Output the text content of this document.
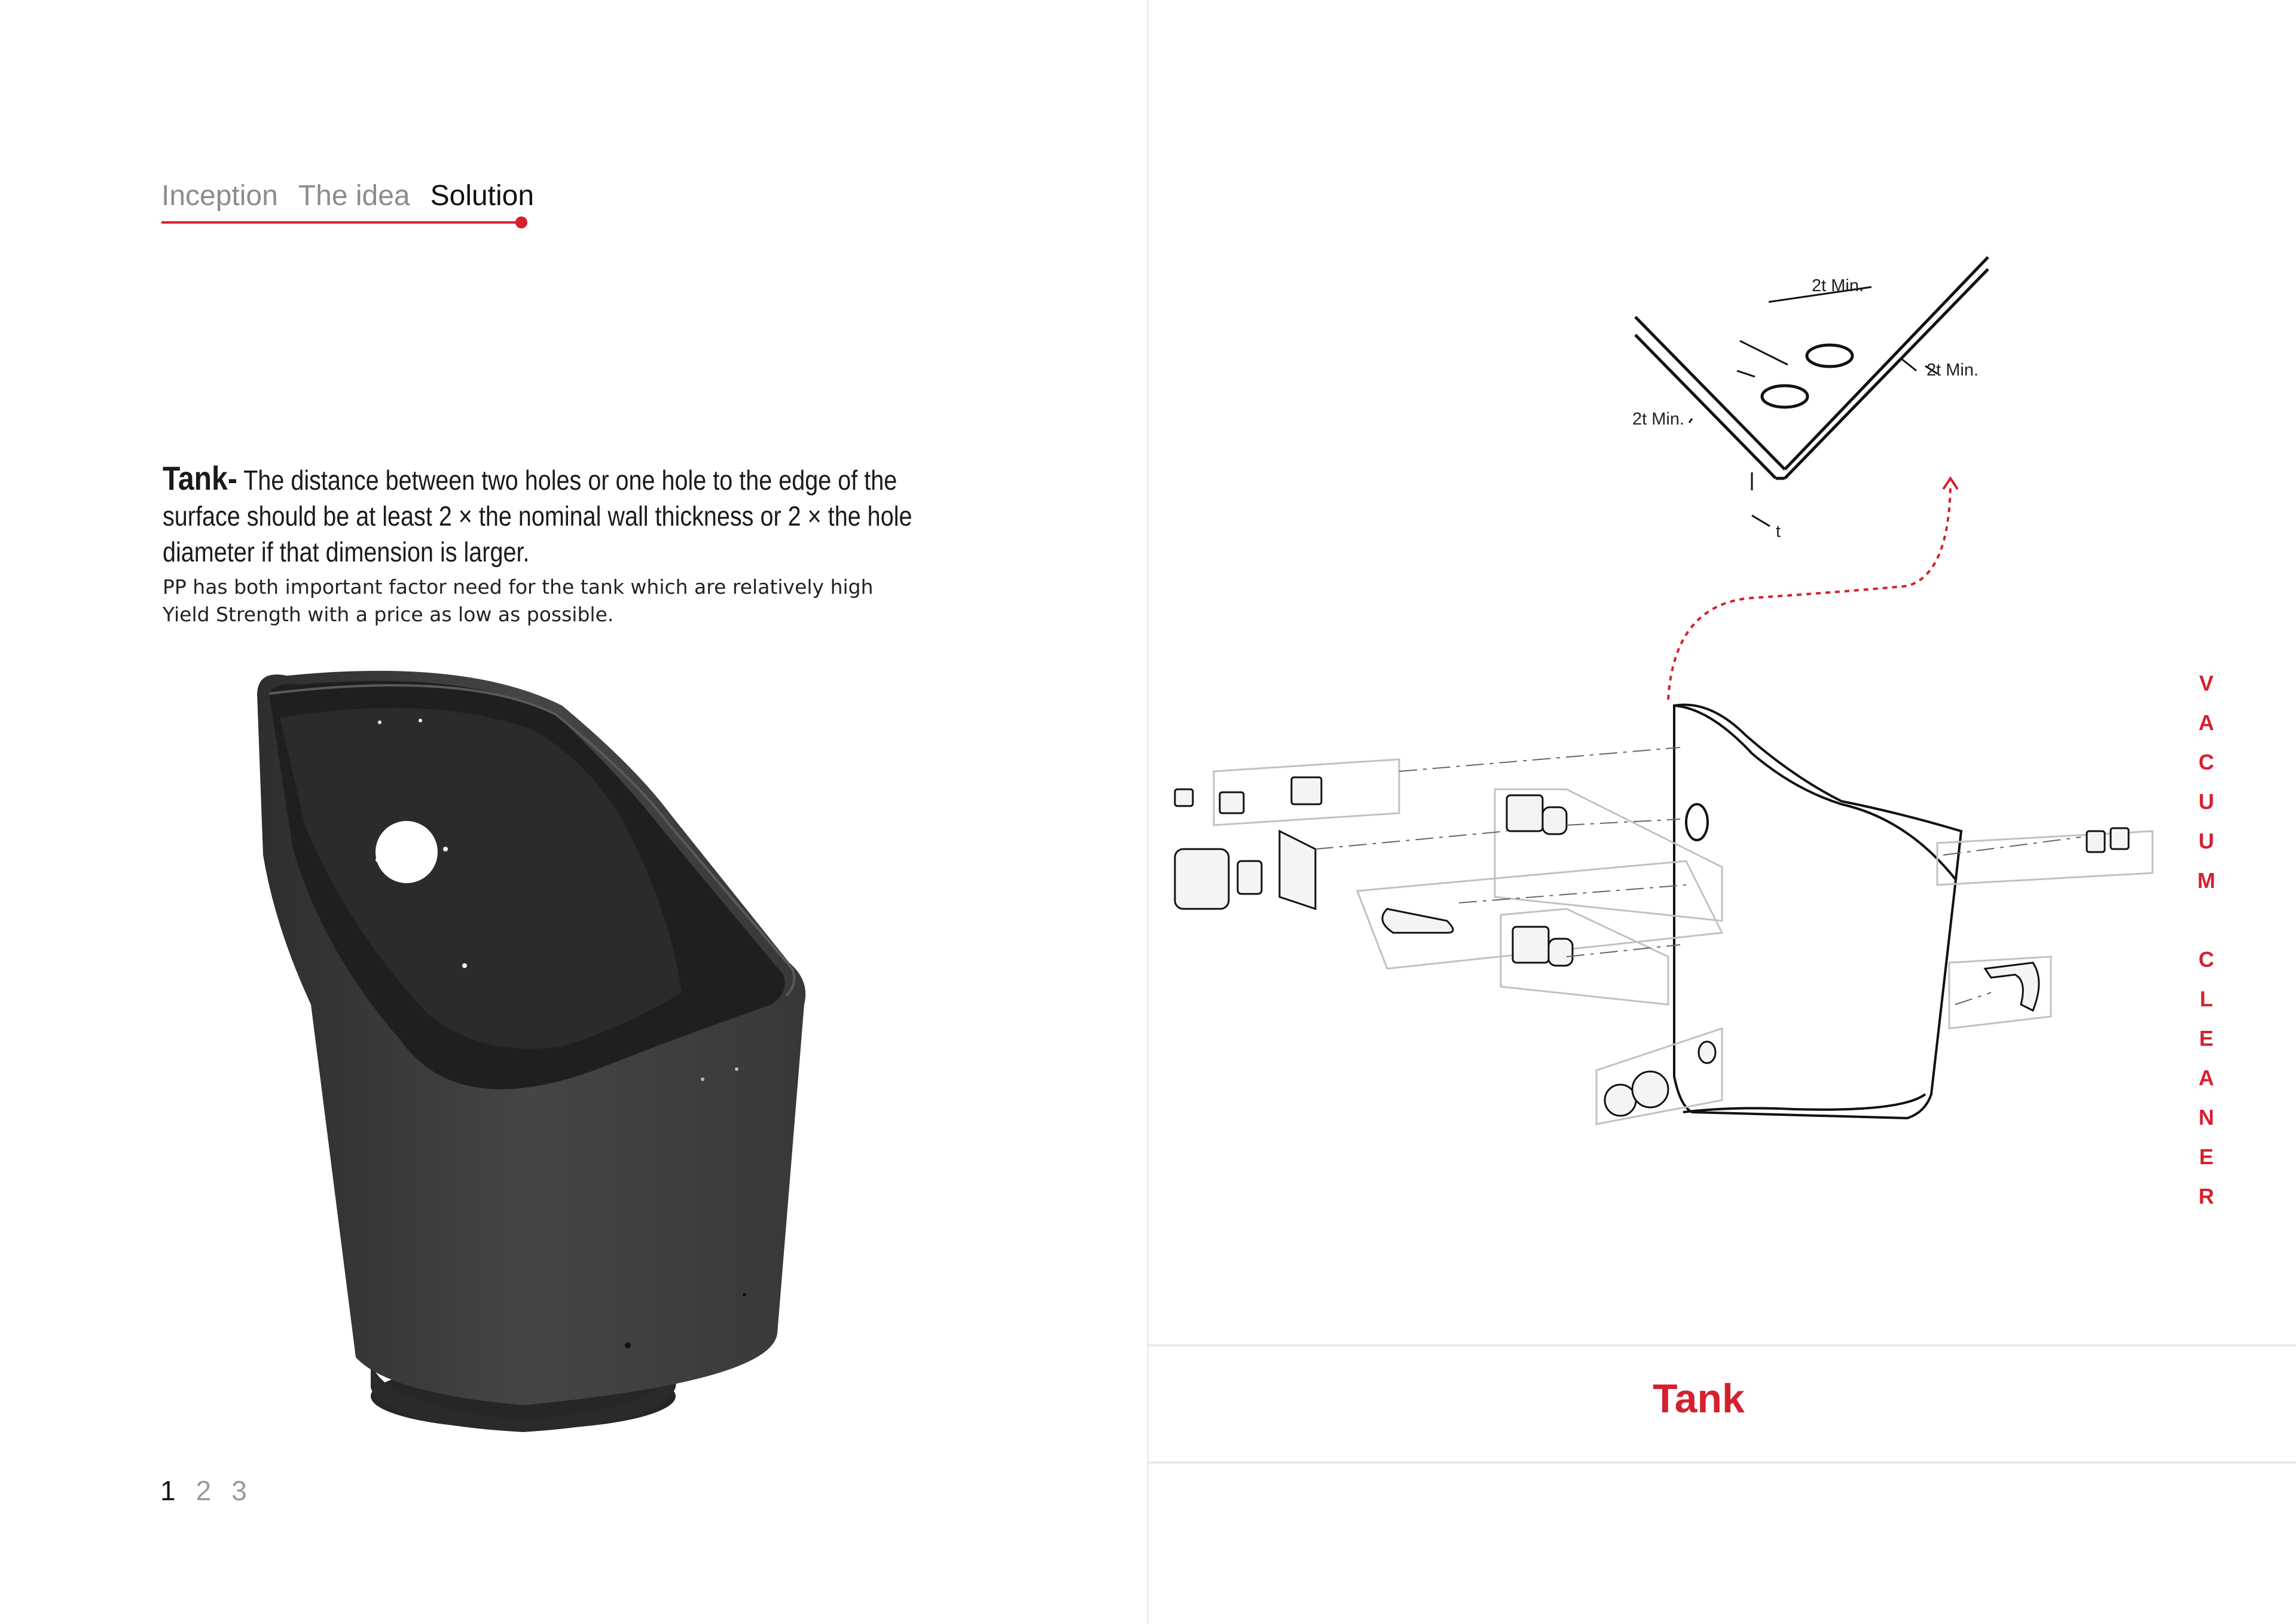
Inception The idea Solution
Tank- The distance between two holes or one hole to the edge of the surface should be at least 2 × the nominal wall thickness or 2 × the hole diameter if that dimension is larger.
PP has both important factor need for the tank which are relatively high
Yield Strength with a price as low as possible.
1 2 3
2t Min.
2t Min.
2t Min.
t
V
A
C
U
U
M
C
L
E
A
N
E
R
Tank
